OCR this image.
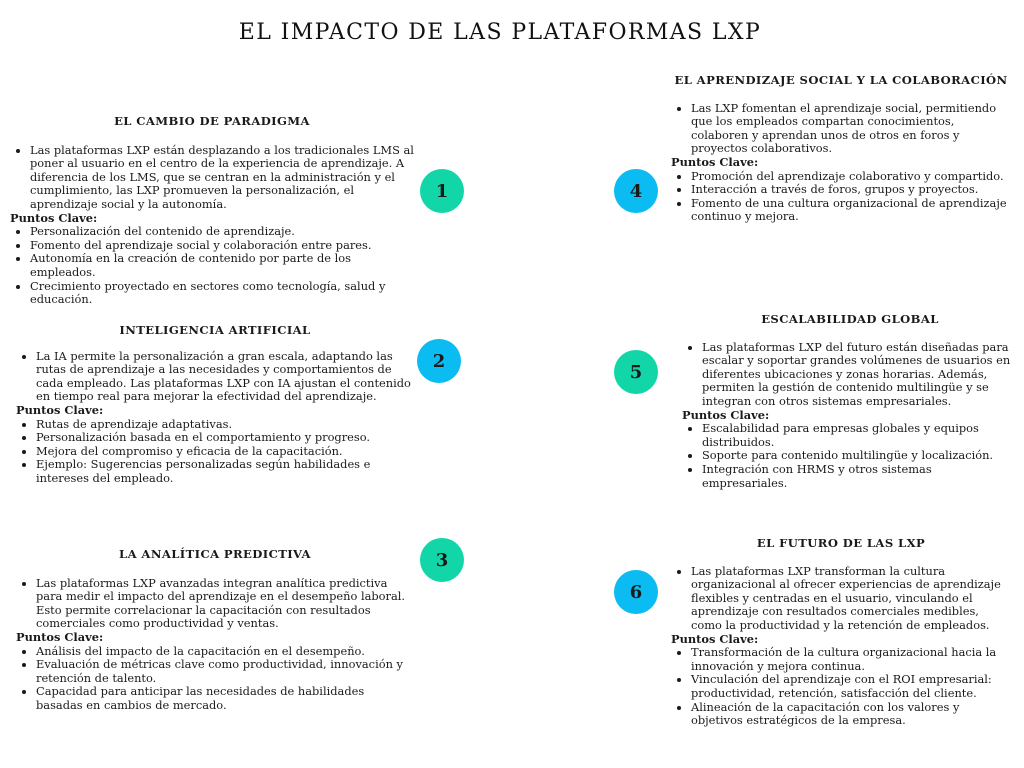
EL IMPACTO DE LAS PLATAFORMAS LXP
EL CAMBIO DE PARADIGMA
• Las plataformas LXP están desplazando a los tradicionales LMS al poner al usuario en el centro de la experiencia de aprendizaje. A diferencia de los LMS, que se centran en la administración y el cumplimiento, las LXP promueven la personalización, el aprendizaje social y la autonomía.
Puntos Clave:
• Personalización del contenido de aprendizaje.
• Fomento del aprendizaje social y colaboración entre pares.
• Autonomía en la creación de contenido por parte de los empleados.
• Crecimiento proyectado en sectores como tecnología, salud y educación.
1
INTELIGENCIA ARTIFICIAL
• La IA permite la personalización a gran escala, adaptando las rutas de aprendizaje a las necesidades y comportamientos de cada empleado. Las plataformas LXP con IA ajustan el contenido en tiempo real para mejorar la efectividad del aprendizaje.
Puntos Clave:
• Rutas de aprendizaje adaptativas.
• Personalización basada en el comportamiento y progreso.
• Mejora del compromiso y eficacia de la capacitación.
• Ejemplo: Sugerencias personalizadas según habilidades e intereses del empleado.
2
LA ANALÍTICA PREDICTIVA
• Las plataformas LXP avanzadas integran analítica predictiva para medir el impacto del aprendizaje en el desempeño laboral. Esto permite correlacionar la capacitación con resultados comerciales como productividad y ventas.
Puntos Clave:
• Análisis del impacto de la capacitación en el desempeño.
• Evaluación de métricas clave como productividad, innovación y retención de talento.
• Capacidad para anticipar las necesidades de habilidades basadas en cambios de mercado.
3
EL APRENDIZAJE SOCIAL Y LA COLABORACIÓN
• Las LXP fomentan el aprendizaje social, permitiendo que los empleados compartan conocimientos, colaboren y aprendan unos de otros en foros y proyectos colaborativos.
Puntos Clave:
• Promoción del aprendizaje colaborativo y compartido.
• Interacción a través de foros, grupos y proyectos.
• Fomento de una cultura organizacional de aprendizaje continuo y mejora.
4
ESCALABILIDAD GLOBAL
• Las plataformas LXP del futuro están diseñadas para escalar y soportar grandes volúmenes de usuarios en diferentes ubicaciones y zonas horarias. Además, permiten la gestión de contenido multilingüe y se integran con otros sistemas empresariales.
Puntos Clave:
• Escalabilidad para empresas globales y equipos distribuidos.
• Soporte para contenido multilingüe y localización.
• Integración con HRMS y otros sistemas empresariales.
5
EL FUTURO DE LAS LXP
• Las plataformas LXP transforman la cultura organizacional al ofrecer experiencias de aprendizaje flexibles y centradas en el usuario, vinculando el aprendizaje con resultados comerciales medibles, como la productividad y la retención de empleados.
Puntos Clave:
• Transformación de la cultura organizacional hacia la innovación y mejora continua.
• Vinculación del aprendizaje con el ROI empresarial: productividad, retención, satisfacción del cliente.
• Alineación de la capacitación con los valores y objetivos estratégicos de la empresa.
6
